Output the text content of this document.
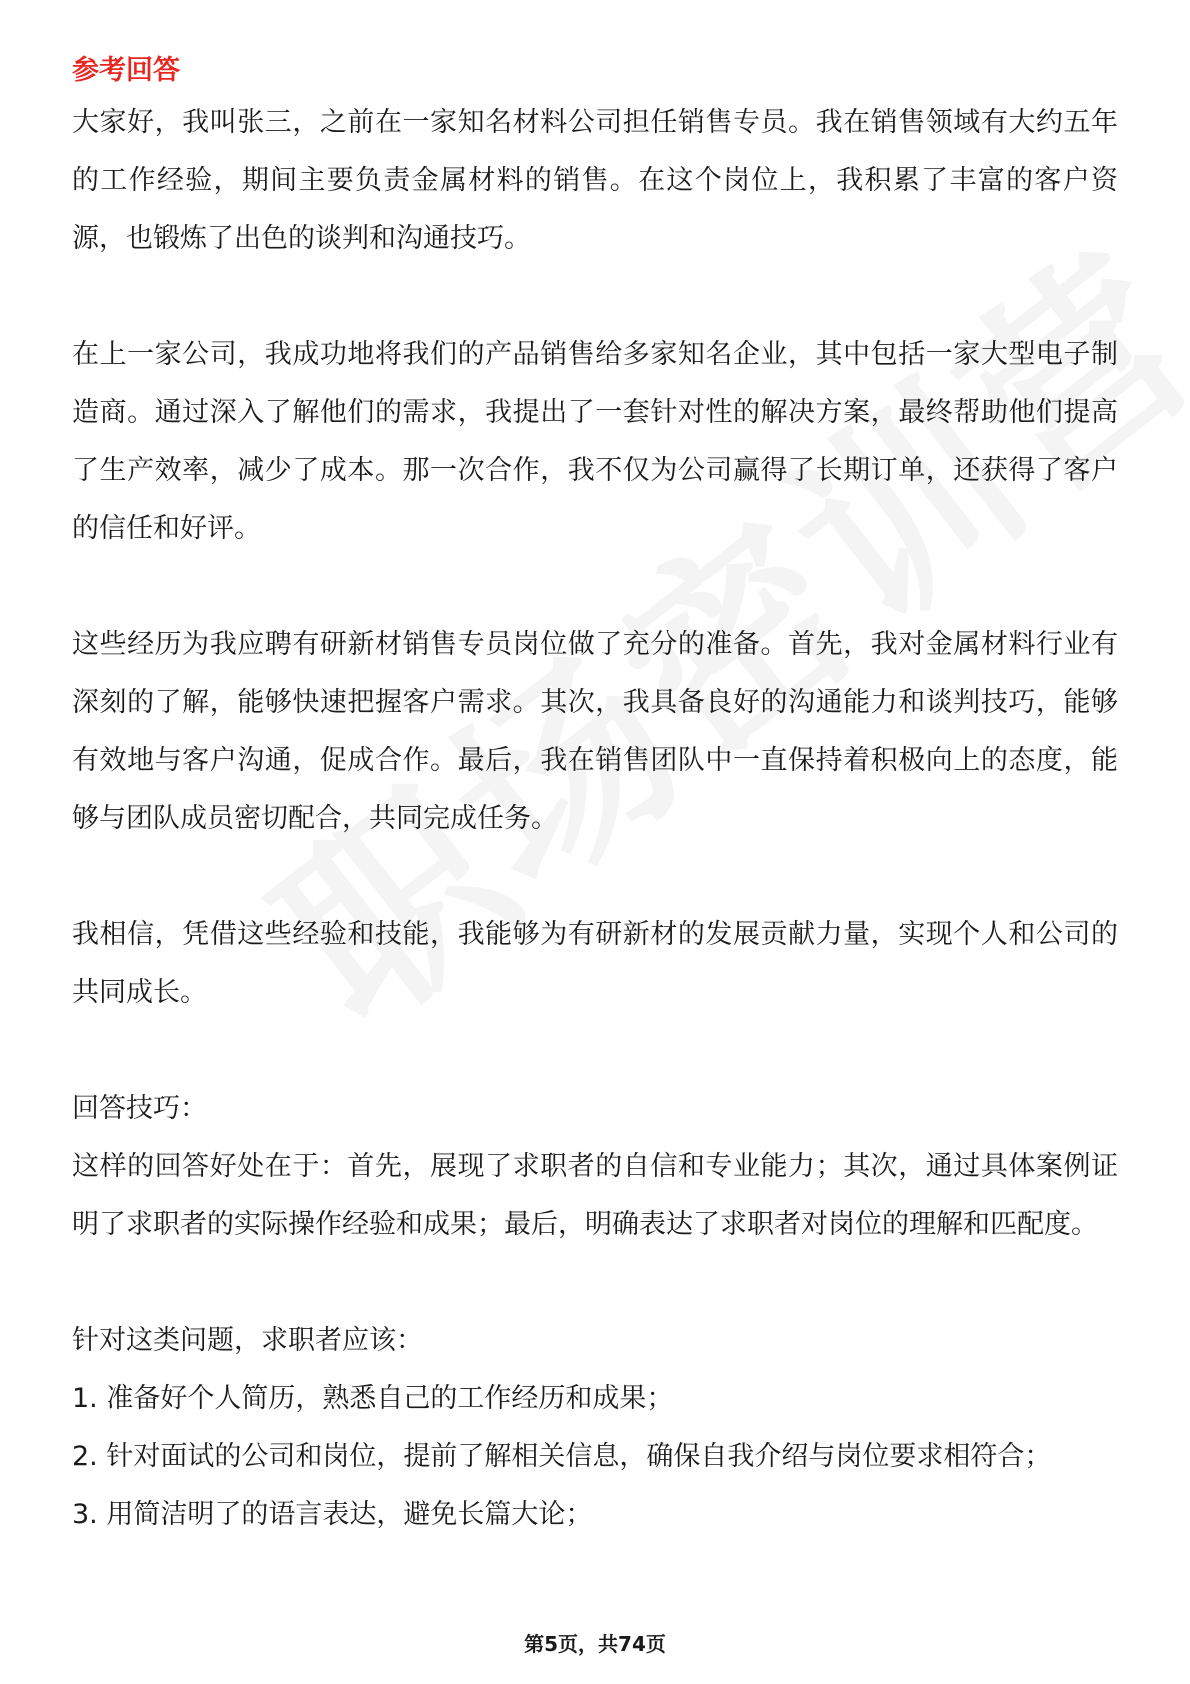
参考回答

大家好，我叫张三，之前在一家知名材料公司担任销售专员。我在销售领域有大约五年的工作经验，期间主要负责金属材料的销售。在这个岗位上，我积累了丰富的客户资源，也锻炼了出色的谈判和沟通技巧。

在上一家公司，我成功地将我们的产品销售给多家知名企业，其中包括一家大型电子制造商。通过深入了解他们的需求，我提出了一套针对性的解决方案，最终帮助他们提高了生产效率，减少了成本。那一次合作，我不仅为公司赢得了长期订单，还获得了客户的信任和好评。

这些经历为我应聘有研新材销售专员岗位做了充分的准备。首先，我对金属材料行业有深刻的了解，能够快速把握客户需求。其次，我具备良好的沟通能力和谈判技巧，能够有效地与客户沟通，促成合作。最后，我在销售团队中一直保持着积极向上的态度，能够与团队成员密切配合，共同完成任务。

我相信，凭借这些经验和技能，我能够为有研新材的发展贡献力量，实现个人和公司的共同成长。

回答技巧：

这样的回答好处在于：首先，展现了求职者的自信和专业能力；其次，通过具体案例证明了求职者的实际操作经验和成果；最后，明确表达了求职者对岗位的理解和匹配度。

针对这类问题，求职者应该：

1. 准备好个人简历，熟悉自己的工作经历和成果；

2. 针对面试的公司和岗位，提前了解相关信息，确保自我介绍与岗位要求相符合；

3. 用简洁明了的语言表达，避免长篇大论；

第5页，共74页
